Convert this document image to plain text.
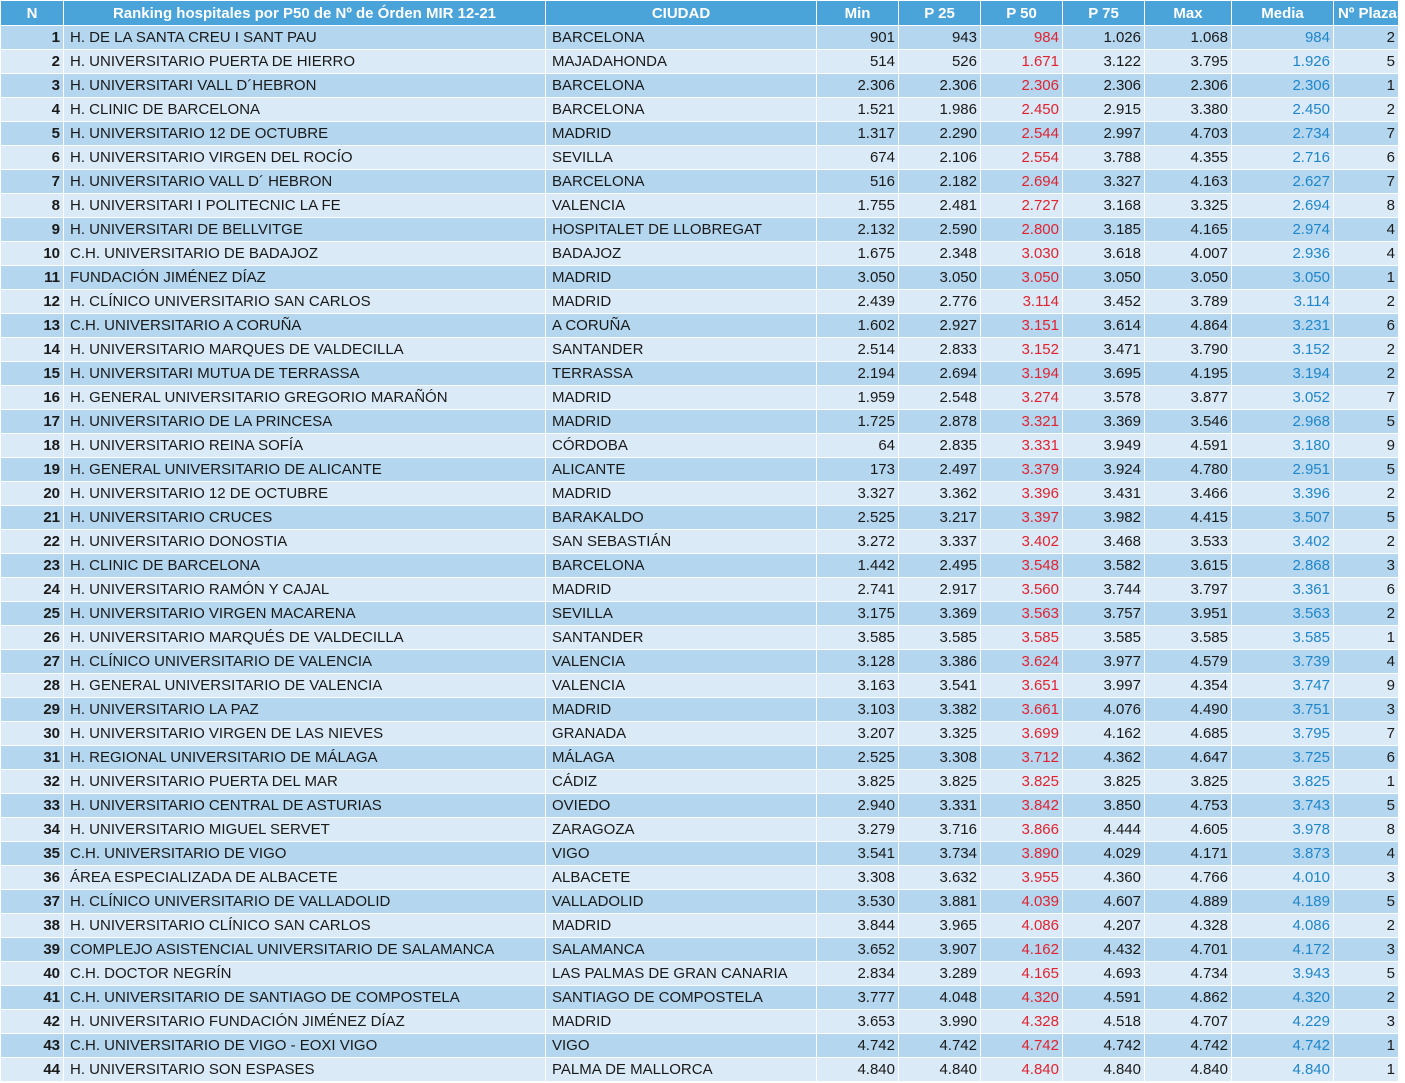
N	Ranking hospitales por P50 de Nº de Órden MIR 12-21	CIUDAD	Min	P 25	P 50	P 75	Max	Media	Nº Plazas
1	H. DE LA SANTA CREU I SANT PAU	BARCELONA	901	943	984	1.026	1.068	984	2
2	H. UNIVERSITARIO PUERTA DE HIERRO	MAJADAHONDA	514	526	1.671	3.122	3.795	1.926	5
3	H. UNIVERSITARI VALL D´HEBRON	BARCELONA	2.306	2.306	2.306	2.306	2.306	2.306	1
4	H. CLINIC DE BARCELONA	BARCELONA	1.521	1.986	2.450	2.915	3.380	2.450	2
5	H. UNIVERSITARIO 12 DE OCTUBRE	MADRID	1.317	2.290	2.544	2.997	4.703	2.734	7
6	H. UNIVERSITARIO VIRGEN DEL ROCÍO	SEVILLA	674	2.106	2.554	3.788	4.355	2.716	6
7	H. UNIVERSITARIO VALL D´ HEBRON	BARCELONA	516	2.182	2.694	3.327	4.163	2.627	7
8	H. UNIVERSITARI I POLITECNIC LA FE	VALENCIA	1.755	2.481	2.727	3.168	3.325	2.694	8
9	H. UNIVERSITARI DE BELLVITGE	HOSPITALET DE LLOBREGAT	2.132	2.590	2.800	3.185	4.165	2.974	4
10	C.H. UNIVERSITARIO DE BADAJOZ	BADAJOZ	1.675	2.348	3.030	3.618	4.007	2.936	4
11	FUNDACIÓN JIMÉNEZ DÍAZ	MADRID	3.050	3.050	3.050	3.050	3.050	3.050	1
12	H. CLÍNICO UNIVERSITARIO SAN CARLOS	MADRID	2.439	2.776	3.114	3.452	3.789	3.114	2
13	C.H. UNIVERSITARIO A CORUÑA	A CORUÑA	1.602	2.927	3.151	3.614	4.864	3.231	6
14	H. UNIVERSITARIO MARQUES DE VALDECILLA	SANTANDER	2.514	2.833	3.152	3.471	3.790	3.152	2
15	H. UNIVERSITARI MUTUA DE TERRASSA	TERRASSA	2.194	2.694	3.194	3.695	4.195	3.194	2
16	H. GENERAL UNIVERSITARIO GREGORIO MARAÑÓN	MADRID	1.959	2.548	3.274	3.578	3.877	3.052	7
17	H. UNIVERSITARIO DE LA PRINCESA	MADRID	1.725	2.878	3.321	3.369	3.546	2.968	5
18	H. UNIVERSITARIO REINA SOFÍA	CÓRDOBA	64	2.835	3.331	3.949	4.591	3.180	9
19	H. GENERAL UNIVERSITARIO DE ALICANTE	ALICANTE	173	2.497	3.379	3.924	4.780	2.951	5
20	H. UNIVERSITARIO 12 DE OCTUBRE	MADRID	3.327	3.362	3.396	3.431	3.466	3.396	2
21	H. UNIVERSITARIO CRUCES	BARAKALDO	2.525	3.217	3.397	3.982	4.415	3.507	5
22	H. UNIVERSITARIO DONOSTIA	SAN SEBASTIÁN	3.272	3.337	3.402	3.468	3.533	3.402	2
23	H. CLINIC DE BARCELONA	BARCELONA	1.442	2.495	3.548	3.582	3.615	2.868	3
24	H. UNIVERSITARIO RAMÓN Y CAJAL	MADRID	2.741	2.917	3.560	3.744	3.797	3.361	6
25	H. UNIVERSITARIO VIRGEN MACARENA	SEVILLA	3.175	3.369	3.563	3.757	3.951	3.563	2
26	H. UNIVERSITARIO MARQUÉS DE VALDECILLA	SANTANDER	3.585	3.585	3.585	3.585	3.585	3.585	1
27	H. CLÍNICO UNIVERSITARIO DE VALENCIA	VALENCIA	3.128	3.386	3.624	3.977	4.579	3.739	4
28	H. GENERAL UNIVERSITARIO DE VALENCIA	VALENCIA	3.163	3.541	3.651	3.997	4.354	3.747	9
29	H. UNIVERSITARIO LA PAZ	MADRID	3.103	3.382	3.661	4.076	4.490	3.751	3
30	H. UNIVERSITARIO VIRGEN DE LAS NIEVES	GRANADA	3.207	3.325	3.699	4.162	4.685	3.795	7
31	H. REGIONAL UNIVERSITARIO DE MÁLAGA	MÁLAGA	2.525	3.308	3.712	4.362	4.647	3.725	6
32	H. UNIVERSITARIO PUERTA DEL MAR	CÁDIZ	3.825	3.825	3.825	3.825	3.825	3.825	1
33	H. UNIVERSITARIO CENTRAL DE ASTURIAS	OVIEDO	2.940	3.331	3.842	3.850	4.753	3.743	5
34	H. UNIVERSITARIO MIGUEL SERVET	ZARAGOZA	3.279	3.716	3.866	4.444	4.605	3.978	8
35	C.H. UNIVERSITARIO DE VIGO	VIGO	3.541	3.734	3.890	4.029	4.171	3.873	4
36	ÁREA ESPECIALIZADA DE ALBACETE	ALBACETE	3.308	3.632	3.955	4.360	4.766	4.010	3
37	H. CLÍNICO UNIVERSITARIO DE VALLADOLID	VALLADOLID	3.530	3.881	4.039	4.607	4.889	4.189	5
38	H. UNIVERSITARIO CLÍNICO SAN CARLOS	MADRID	3.844	3.965	4.086	4.207	4.328	4.086	2
39	COMPLEJO ASISTENCIAL UNIVERSITARIO DE SALAMANCA	SALAMANCA	3.652	3.907	4.162	4.432	4.701	4.172	3
40	C.H. DOCTOR NEGRÍN	LAS PALMAS DE GRAN CANARIA	2.834	3.289	4.165	4.693	4.734	3.943	5
41	C.H. UNIVERSITARIO DE SANTIAGO DE COMPOSTELA	SANTIAGO DE COMPOSTELA	3.777	4.048	4.320	4.591	4.862	4.320	2
42	H. UNIVERSITARIO FUNDACIÓN JIMÉNEZ DÍAZ	MADRID	3.653	3.990	4.328	4.518	4.707	4.229	3
43	C.H. UNIVERSITARIO DE VIGO - EOXI VIGO	VIGO	4.742	4.742	4.742	4.742	4.742	4.742	1
44	H. UNIVERSITARIO SON ESPASES	PALMA DE MALLORCA	4.840	4.840	4.840	4.840	4.840	4.840	1
